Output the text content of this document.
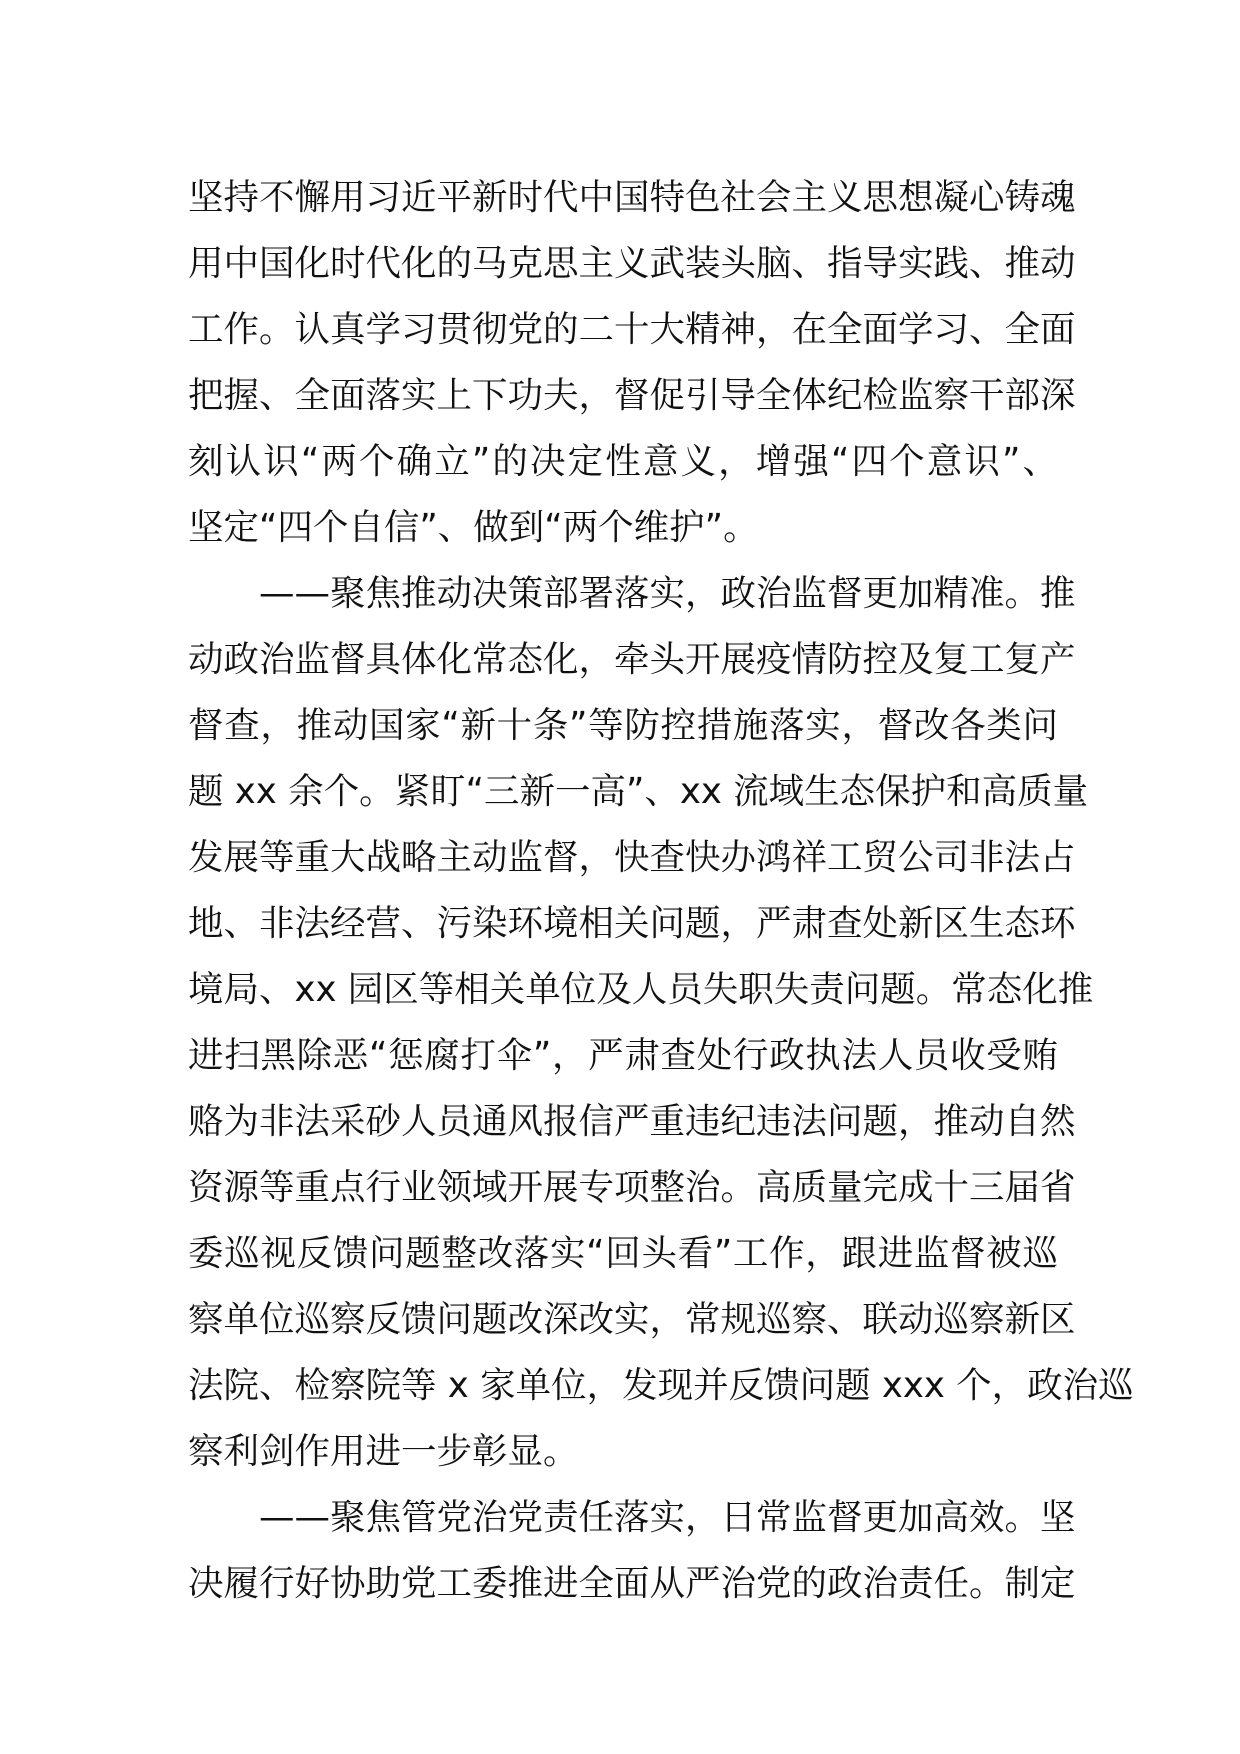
坚持不懈用习近平新时代中国特色社会主义思想凝心铸魂
用中国化时代化的马克思主义武装头脑、指导实践、推动
工作。认真学习贯彻党的二十大精神，在全面学习、全面
把握、全面落实上下功夫，督促引导全体纪检监察干部深
刻认识“两个确立”的决定性意义，增强“四个意识”、
坚定“四个自信”、做到“两个维护”。
　　——聚焦推动决策部署落实，政治监督更加精准。推
动政治监督具体化常态化，牵头开展疫情防控及复工复产
督查，推动国家“新十条”等防控措施落实，督改各类问
题 xx 余个。紧盯“三新一高”、xx 流域生态保护和高质量
发展等重大战略主动监督，快查快办鸿祥工贸公司非法占
地、非法经营、污染环境相关问题，严肃查处新区生态环
境局、xx 园区等相关单位及人员失职失责问题。常态化推
进扫黑除恶“惩腐打伞”，严肃查处行政执法人员收受贿
赂为非法采砂人员通风报信严重违纪违法问题，推动自然
资源等重点行业领域开展专项整治。高质量完成十三届省
委巡视反馈问题整改落实“回头看”工作，跟进监督被巡
察单位巡察反馈问题改深改实，常规巡察、联动巡察新区
法院、检察院等 x 家单位，发现并反馈问题 xxx 个，政治巡
察利剑作用进一步彰显。
　　——聚焦管党治党责任落实，日常监督更加高效。坚
决履行好协助党工委推进全面从严治党的政治责任。制定
